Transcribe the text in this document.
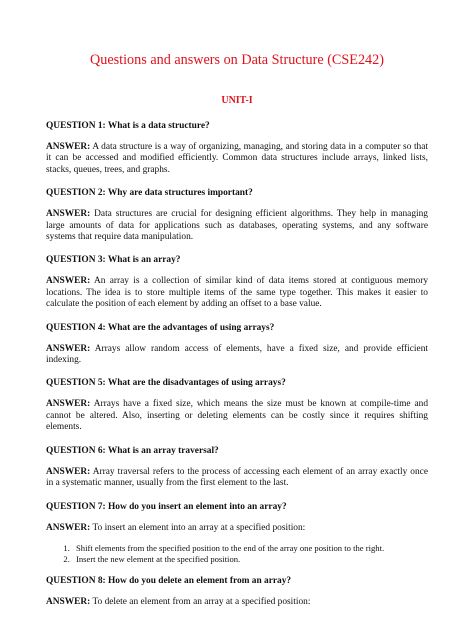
Questions and answers on Data Structure (CSE242)
UNIT-I

QUESTION 1: What is a data structure?

ANSWER: A data structure is a way of organizing, managing, and storing data in a computer so that it can be accessed and modified efficiently. Common data structures include arrays, linked lists, stacks, queues, trees, and graphs.

QUESTION 2: Why are data structures important?

ANSWER: Data structures are crucial for designing efficient algorithms. They help in managing large amounts of data for applications such as databases, operating systems, and any software systems that require data manipulation.

QUESTION 3: What is an array?

ANSWER: An array is a collection of similar kind of data items stored at contiguous memory locations. The idea is to store multiple items of the same type together. This makes it easier to calculate the position of each element by adding an offset to a base value.

QUESTION 4: What are the advantages of using arrays?

ANSWER: Arrays allow random access of elements, have a fixed size, and provide efficient indexing.

QUESTION 5: What are the disadvantages of using arrays?

ANSWER: Arrays have a fixed size, which means the size must be known at compile-time and cannot be altered. Also, inserting or deleting elements can be costly since it requires shifting elements.

QUESTION 6: What is an array traversal?

ANSWER: Array traversal refers to the process of accessing each element of an array exactly once in a systematic manner, usually from the first element to the last.

QUESTION 7: How do you insert an element into an array?

ANSWER: To insert an element into an array at a specified position:

1. Shift elements from the specified position to the end of the array one position to the right.
2. Insert the new element at the specified position.

QUESTION 8: How do you delete an element from an array?

ANSWER: To delete an element from an array at a specified position:
